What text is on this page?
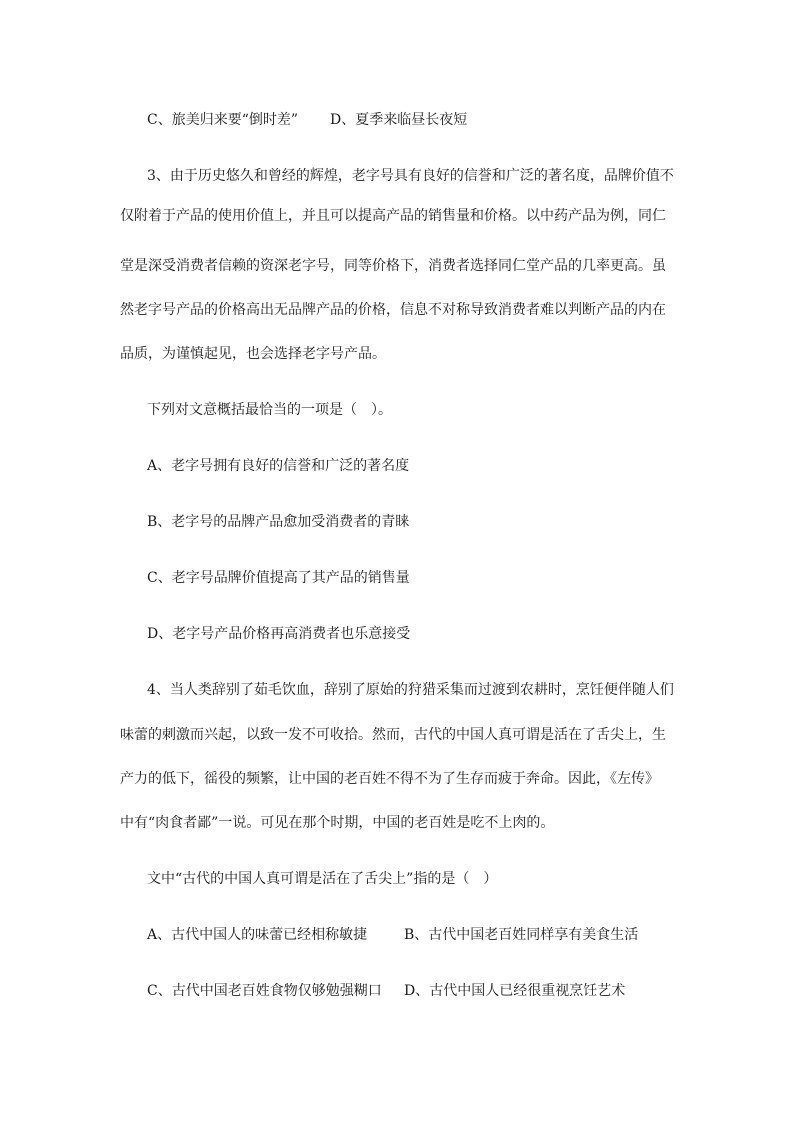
C、旅美归来要“倒时差” D、夏季来临昼长夜短
3、由于历史悠久和曾经的辉煌，老字号具有良好的信誉和广泛的著名度，品牌价值不
仅附着于产品的使用价值上，并且可以提高产品的销售量和价格。以中药产品为例，同仁
堂是深受消费者信赖的资深老字号，同等价格下，消费者选择同仁堂产品的几率更高。虽
然老字号产品的价格高出无品牌产品的价格，信息不对称导致消费者难以判断产品的内在
品质，为谨慎起见，也会选择老字号产品。
下列对文意概括最恰当的一项是（　）。
A、老字号拥有良好的信誉和广泛的著名度
B、老字号的品牌产品愈加受消费者的青睐
C、老字号品牌价值提高了其产品的销售量
D、老字号产品价格再高消费者也乐意接受
4、当人类辞别了茹毛饮血，辞别了原始的狩猎采集而过渡到农耕时，烹饪便伴随人们
味蕾的刺激而兴起，以致一发不可收拾。然而，古代的中国人真可谓是活在了舌尖上，生
产力的低下，徭役的频繁，让中国的老百姓不得不为了生存而疲于奔命。因此，《左传》
中有“肉食者鄙”一说。可见在那个时期，中国的老百姓是吃不上肉的。
文中“古代的中国人真可谓是活在了舌尖上”指的是（　）
A、古代中国人的味蕾已经相称敏捷	B、古代中国老百姓同样享有美食生活
C、古代中国老百姓食物仅够勉强糊口 D、古代中国人已经很重视烹饪艺术
